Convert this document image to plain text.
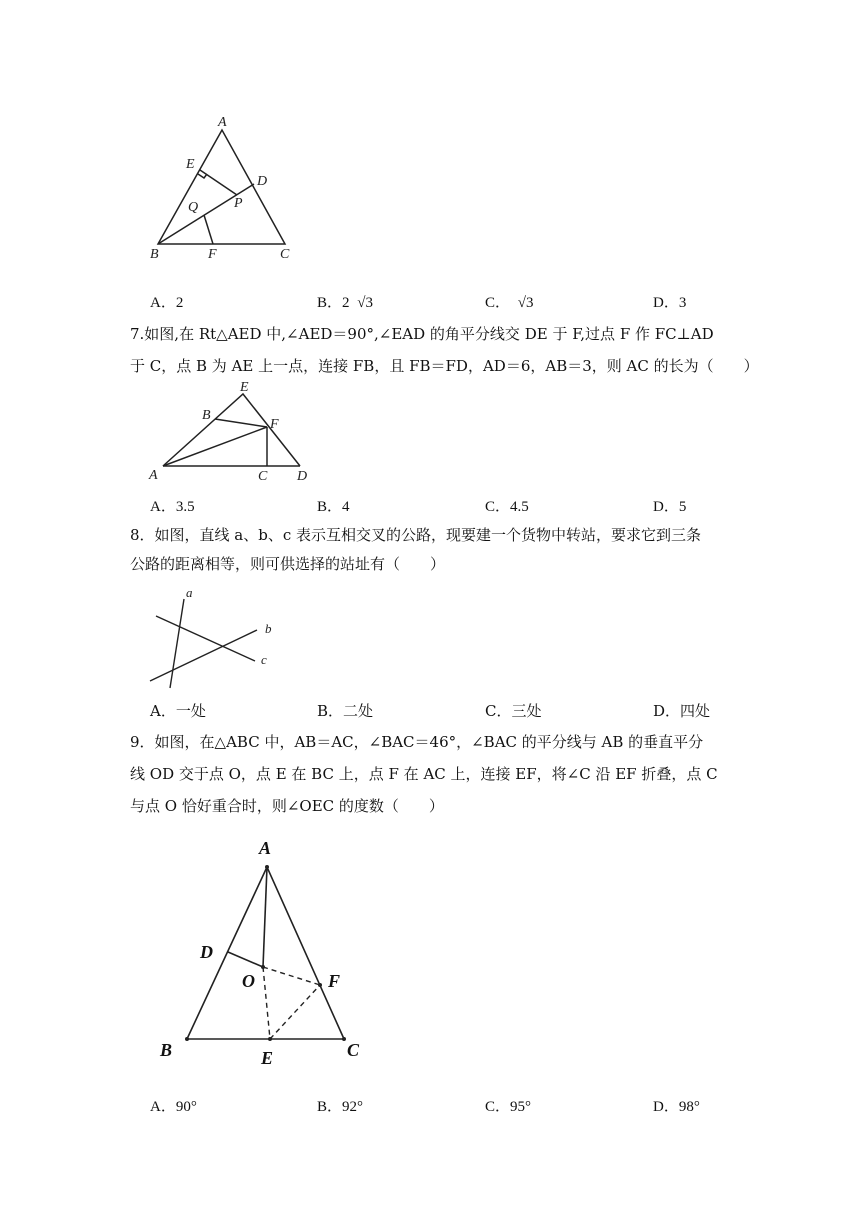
A
E
D
P
Q
B	F	C
A．2	B．2 √3	C． √3	D．3
7.如图,在 Rt△AED 中,∠AED＝90°,∠EAD 的角平分线交 DE 于 F,过点 F 作 FC⊥AD
于 C，点 B 为 AE 上一点，连接 FB，且 FB＝FD，AD＝6，AB＝3，则 AC 的长为（　　）
E
B
F
A	C D
A．3.5	B．4	C．4.5	D．5
8．如图，直线 a、b、c 表示互相交叉的公路，现要建一个货物中转站，要求它到三条
公路的距离相等，则可供选择的站址有（　　）
a
b
c
A．一处	B．二处	C．三处	D．四处
9．如图，在△ABC 中，AB＝AC，∠BAC＝46°，∠BAC 的平分线与 AB 的垂直平分
线 OD 交于点 O，点 E 在 BC 上，点 F 在 AC 上，连接 EF，将∠C 沿 EF 折叠，点 C
与点 O 恰好重合时，则∠OEC 的度数（　　）
A
D
O	F
B	E	C
A．90°	B．92°	C．95°	D．98°
